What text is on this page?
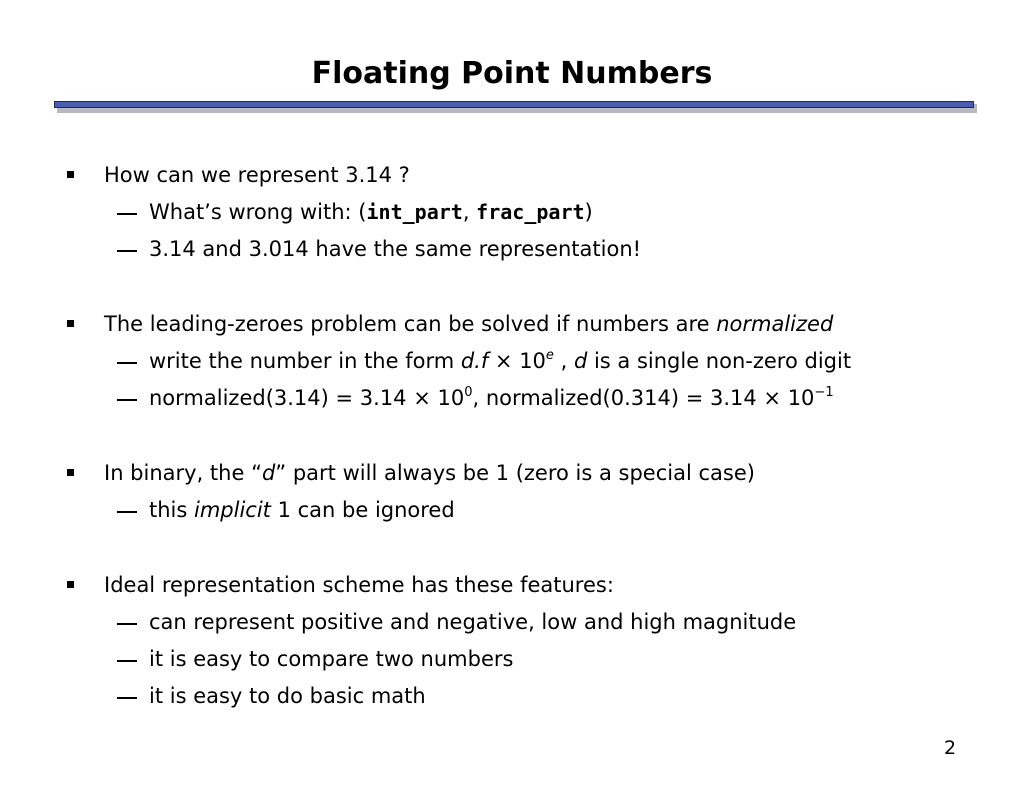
Floating Point Numbers
How can we represent 3.14 ?
What’s wrong with: (int_part, frac_part)
3.14 and 3.014 have the same representation!
The leading-zeroes problem can be solved if numbers are normalized
write the number in the form $d.f \times 10^e$ , d is a single non-zero digit
normalized(3.14) = $3.14 \times 10^0$, normalized(0.314) = $3.14 \times 10^{-1}$
In binary, the “d” part will always be 1 (zero is a special case)
this implicit 1 can be ignored
Ideal representation scheme has these features:
can represent positive and negative, low and high magnitude
it is easy to compare two numbers
it is easy to do basic math
2
